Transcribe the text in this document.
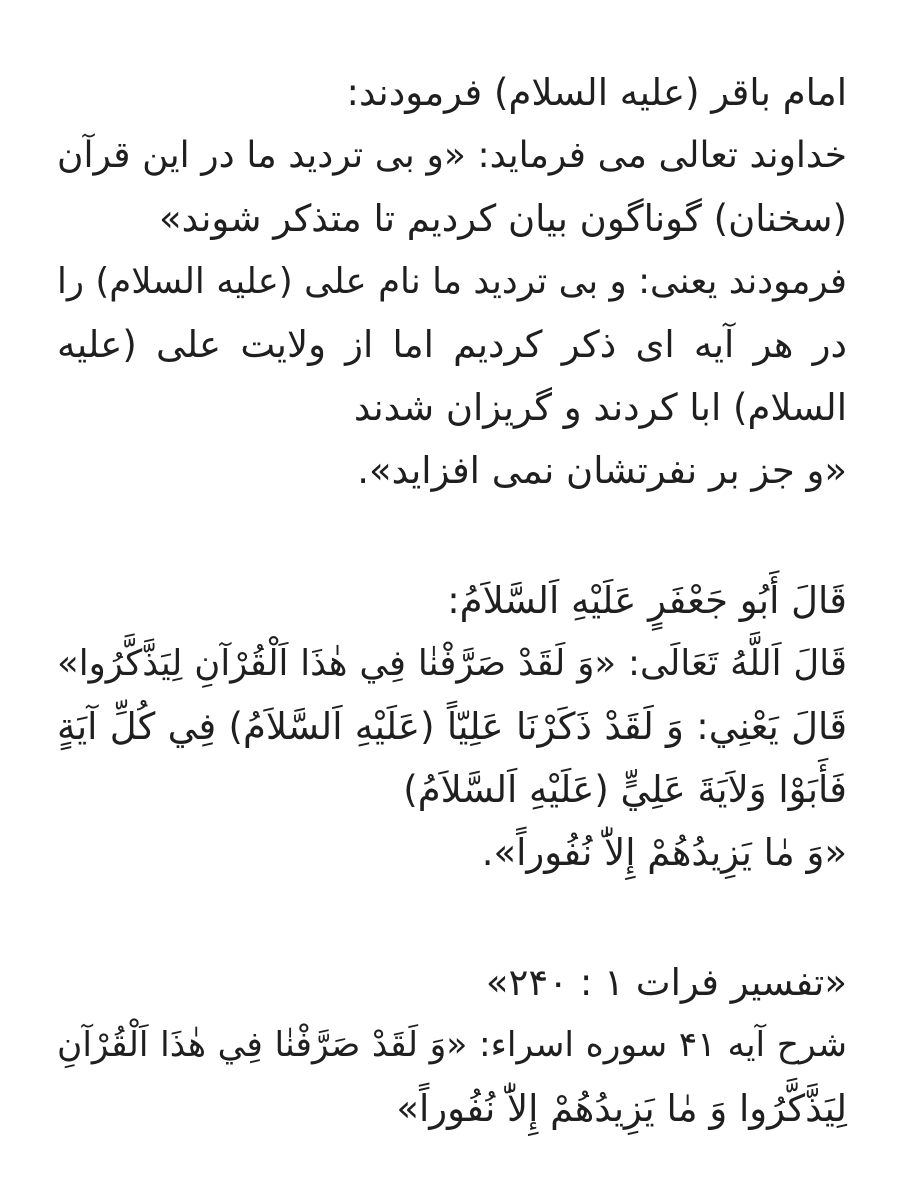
امام باقر (علیه السلام) فرمودند:
خداوند تعالی می فرماید: «و بی تردید ما در این قرآن
(سخنان) گوناگون بیان کردیم تا متذکر شوند»
فرمودند یعنی: و بی تردید ما نام علی (علیه السلام) را
در هر آیه ای ذکر کردیم اما از ولایت علی (علیه
السلام) ابا کردند و گریزان شدند
«و جز بر نفرتشان نمی افزاید».
قَالَ أَبُو جَعْفَرٍ عَلَيْهِ اَلسَّلاَمُ:
قَالَ اَللَّهُ تَعَالَى: «وَ لَقَدْ صَرَّفْنٰا فِي هٰذَا اَلْقُرْآنِ لِيَذَّكَّرُوا»
قَالَ يَعْنِي: وَ لَقَدْ ذَكَرْنَا عَلِيّاً (عَلَيْهِ اَلسَّلاَمُ) فِي كُلِّ آيَةٍ
فَأَبَوْا وَلاَيَةَ عَلِيٍّ (عَلَيْهِ اَلسَّلاَمُ)
«وَ مٰا يَزِيدُهُمْ إِلاّٰ نُفُوراً».
«تفسیر فرات ۱ : ۲۴۰»
شرح آیه ۴۱ سوره اسراء: «وَ لَقَدْ صَرَّفْنٰا فِي هٰذَا اَلْقُرْآنِ
لِيَذَّكَّرُوا وَ مٰا يَزِيدُهُمْ إِلاّٰ نُفُوراً»
